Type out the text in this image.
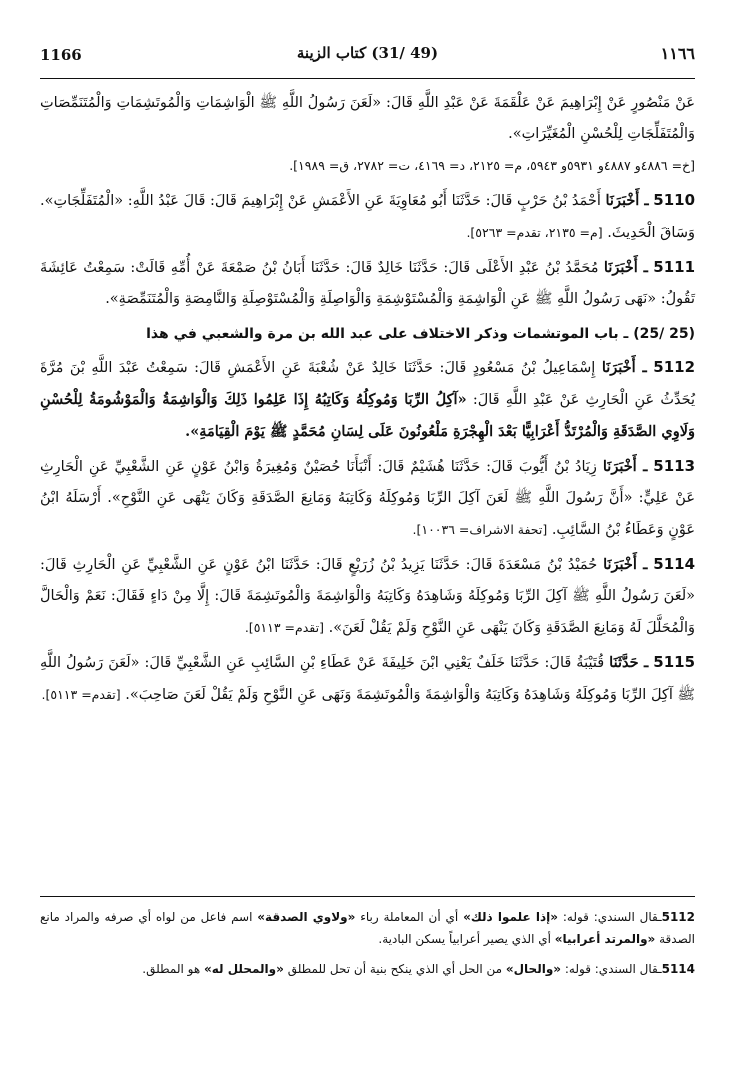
1166	(49 /31) كتاب الزينة	١١٦٦

عَنْ مَنْصُورٍ عَنْ إِبْرَاهِيمَ عَنْ عَلْقَمَةَ عَنْ عَبْدِ اللَّهِ قَالَ: «لَعَنَ رَسُولُ اللَّهِ ﷺ الْوَاشِمَاتِ وَالْمُوتَشِمَاتِ وَالْمُتَنَمِّصَاتِ وَالْمُتَفَلِّجَاتِ لِلْحُسْنِ الْمُغَيِّرَاتِ».
[خ= ٤٨٨٦و ٤٨٨٧و ٥٩٣١و ٥٩٤٣، م= ٢١٢٥، د= ٤١٦٩، ت= ٢٧٨٢، ق= ١٩٨٩].

5110 ـ أَخْبَرَنَا أَحْمَدُ بْنُ حَرْبٍ قَالَ: حَدَّثَنَا أَبُو مُعَاوِيَةَ عَنِ الأَعْمَشِ عَنْ إِبْرَاهِيمَ قَالَ: قَالَ عَبْدُ اللَّهِ: «الْمُتَفَلِّجَاتِ». وَسَاقَ الْحَدِيثَ. [م= ٢١٣٥، تقدم= ٥٢٦٣].

5111 ـ أَخْبَرَنَا مُحَمَّدُ بْنُ عَبْدِ الأَعْلَى قَالَ: حَدَّثَنَا خَالِدٌ قَالَ: حَدَّثَنَا أَبَانُ بْنُ صَمْعَةَ عَنْ أُمِّهِ قَالَتْ: سَمِعْتُ عَائِشَةَ تَقُولُ: «نَهَى رَسُولُ اللَّهِ ﷺ عَنِ الْوَاشِمَةِ وَالْمُسْتَوْشِمَةِ وَالْوَاصِلَةِ وَالْمُسْتَوْصِلَةِ وَالنَّامِصَةِ وَالْمُتَنَمِّصَةِ».

(25 /25) ـ باب الموتشمات وذكر الاختلاف على عبد الله بن مرة والشعبي في هذا

5112 ـ أَخْبَرَنَا إِسْمَاعِيلُ بْنُ مَسْعُودٍ قَالَ: حَدَّثَنَا خَالِدٌ عَنْ شُعْبَةَ عَنِ الأَعْمَشِ قَالَ: سَمِعْتُ عَبْدَ اللَّهِ بْنَ مُرَّةَ يُحَدِّثُ عَنِ الْحَارِثِ عَنْ عَبْدِ اللَّهِ قَالَ: «آكِلُ الرِّبَا وَمُوكِلُهُ وَكَاتِبُهُ إِذَا عَلِمُوا ذَلِكَ وَالْوَاشِمَةُ وَالْمَوْشُومَةُ لِلْحُسْنِ وَلَاوِي الصَّدَقَةِ وَالْمُرْتَدُّ أَعْرَابِيًّا بَعْدَ الْهِجْرَةِ مَلْعُونُونَ عَلَى لِسَانِ مُحَمَّدٍ ﷺ يَوْمَ الْقِيَامَةِ».

5113 ـ أَخْبَرَنَا زِيَادُ بْنُ أَيُّوبَ قَالَ: حَدَّثَنَا هُشَيْمٌ قَالَ: أَنْبَأَنَا حُصَيْنٌ وَمُغِيرَةُ وَابْنُ عَوْنٍ عَنِ الشَّعْبِيِّ عَنِ الْحَارِثِ عَنْ عَلِيٍّ: «أَنَّ رَسُولَ اللَّهِ ﷺ لَعَنَ آكِلَ الرِّبَا وَمُوكِلَهُ وَكَاتِبَهُ وَمَانِعَ الصَّدَقَةِ وَكَانَ يَنْهَى عَنِ النَّوْحِ». أَرْسَلَهُ ابْنُ عَوْنٍ وَعَطَاءُ بْنُ السَّائِبِ. [تحفة الاشراف= ١٠٠٣٦].

5114 ـ أَخْبَرَنَا حُمَيْدُ بْنُ مَسْعَدَةَ قَالَ: حَدَّثَنَا يَزِيدُ بْنُ زُرَيْعٍ قَالَ: حَدَّثَنَا ابْنُ عَوْنٍ عَنِ الشَّعْبِيِّ عَنِ الْحَارِثِ قَالَ: «لَعَنَ رَسُولُ اللَّهِ ﷺ آكِلَ الرِّبَا وَمُوكِلَهُ وَشَاهِدَهُ وَكَاتِبَهُ وَالْوَاشِمَةَ وَالْمُوتَشِمَةَ قَالَ: إِلَّا مِنْ دَاءٍ فَقَالَ: نَعَمْ وَالْحَالَّ وَالْمُحَلَّلَ لَهُ وَمَانِعَ الصَّدَقَةِ وَكَانَ يَنْهَى عَنِ النَّوْحِ وَلَمْ يَقُلْ لَعَنَ». [تقدم= ٥١١٣].

5115 ـ حَدَّثَنَا قُتَيْبَةُ قَالَ: حَدَّثَنَا خَلَفٌ يَعْنِي ابْنَ خَلِيفَةَ عَنْ عَطَاءِ بْنِ السَّائِبِ عَنِ الشَّعْبِيِّ قَالَ: «لَعَنَ رَسُولُ اللَّهِ ﷺ آكِلَ الرِّبَا وَمُوكِلَهُ وَشَاهِدَهُ وَكَاتِبَهُ وَالْوَاشِمَةَ وَالْمُوتَشِمَةَ وَنَهَى عَنِ النَّوْحِ وَلَمْ يَقُلْ لَعَنَ صَاحِبَ». [تقدم= ٥١١٣].

5112ـقال السندي: قوله: «إذا علموا ذلك» أي أن المعاملة رباء «ولاوي الصدقة» اسم فاعل من لواه أي صرفه والمراد مانع الصدقة «والمرتد أعرابيا» أي الذي يصير أعرابياً يسكن البادية.

5114ـقال السندي: قوله: «والحال» من الحل أي الذي ينكح بنية أن تحل للمطلق «والمحلل له» هو المطلق.
